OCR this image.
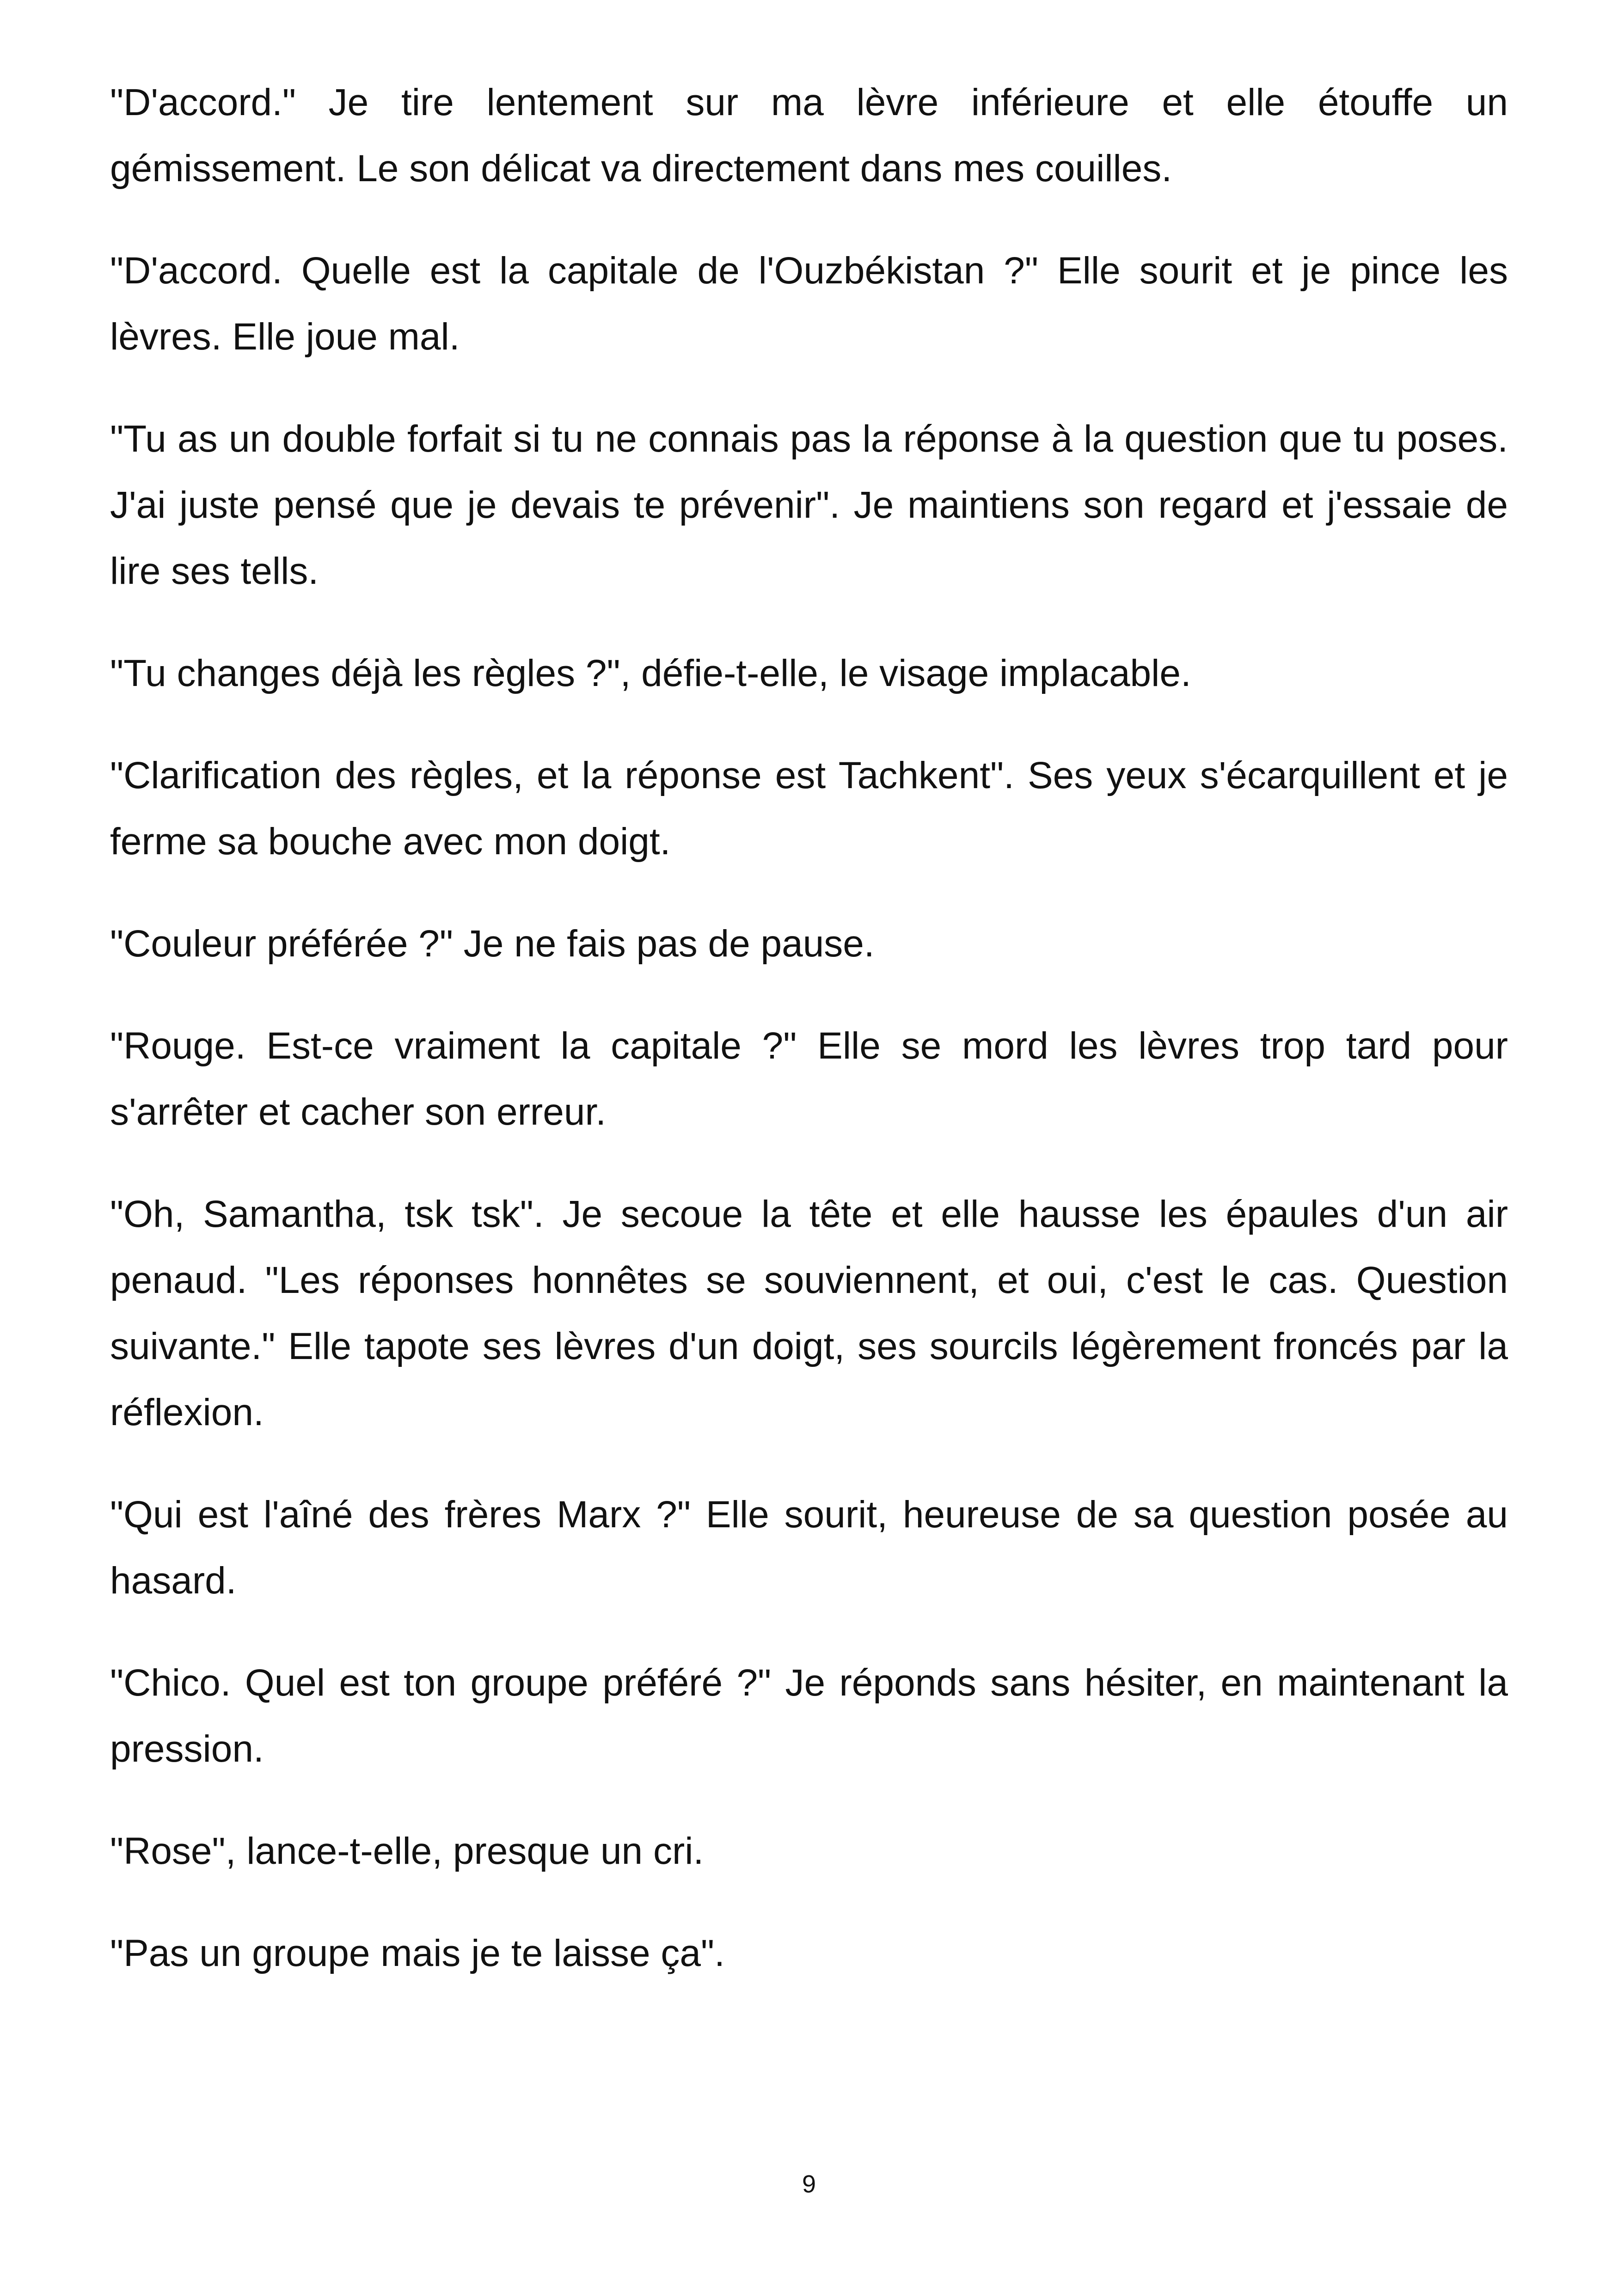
"D'accord." Je tire lentement sur ma lèvre inférieure et elle étouffe un gémissement. Le son délicat va directement dans mes couilles.

"D'accord. Quelle est la capitale de l'Ouzbékistan ?" Elle sourit et je pince les lèvres. Elle joue mal.

"Tu as un double forfait si tu ne connais pas la réponse à la question que tu poses. J'ai juste pensé que je devais te prévenir". Je maintiens son regard et j'essaie de lire ses tells.

"Tu changes déjà les règles ?", défie-t-elle, le visage implacable.

"Clarification des règles, et la réponse est Tachkent". Ses yeux s'écarquillent et je ferme sa bouche avec mon doigt.

"Couleur préférée ?" Je ne fais pas de pause.

"Rouge. Est-ce vraiment la capitale ?" Elle se mord les lèvres trop tard pour s'arrêter et cacher son erreur.

"Oh, Samantha, tsk tsk". Je secoue la tête et elle hausse les épaules d'un air penaud. "Les réponses honnêtes se souviennent, et oui, c'est le cas. Question suivante." Elle tapote ses lèvres d'un doigt, ses sourcils légèrement froncés par la réflexion.

"Qui est l'aîné des frères Marx ?" Elle sourit, heureuse de sa question posée au hasard.

"Chico. Quel est ton groupe préféré ?" Je réponds sans hésiter, en maintenant la pression.

"Rose", lance-t-elle, presque un cri.

"Pas un groupe mais je te laisse ça".

9
